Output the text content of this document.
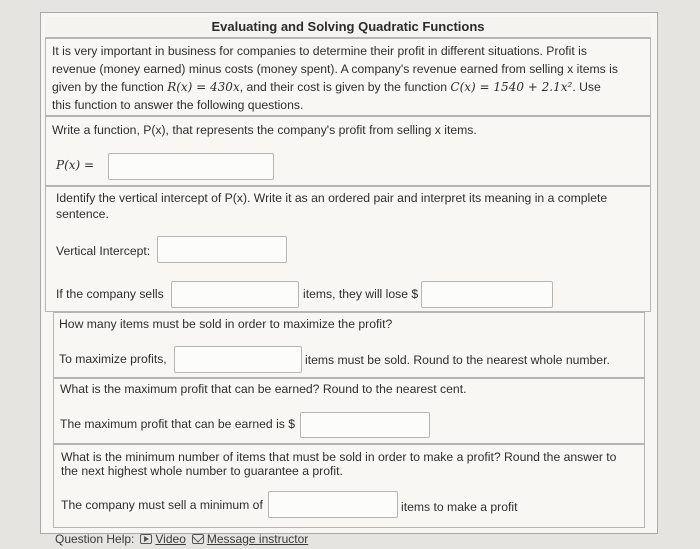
Evaluating and Solving Quadratic Functions
It is very important in business for companies to determine their profit in different situations. Profit is
revenue (money earned) minus costs (money spent). A company's revenue earned from selling x items is
given by the function R(x) = 430x, and their cost is given by the function C(x) = 1540 + 2.1x². Use
this function to answer the following questions.
Write a function, P(x), that represents the company's profit from selling x items.
P(x) =
Identify the vertical intercept of P(x). Write it as an ordered pair and interpret its meaning in a complete
sentence.
Vertical Intercept:
If the company sells	items, they will lose $
How many items must be sold in order to maximize the profit?
To maximize profits,	items must be sold. Round to the nearest whole number.
What is the maximum profit that can be earned? Round to the nearest cent.
The maximum profit that can be earned is $
What is the minimum number of items that must be sold in order to make a profit? Round the answer to
the next highest whole number to guarantee a profit.
The company must sell a minimum of	items to make a profit
Question Help: Video Message instructor
